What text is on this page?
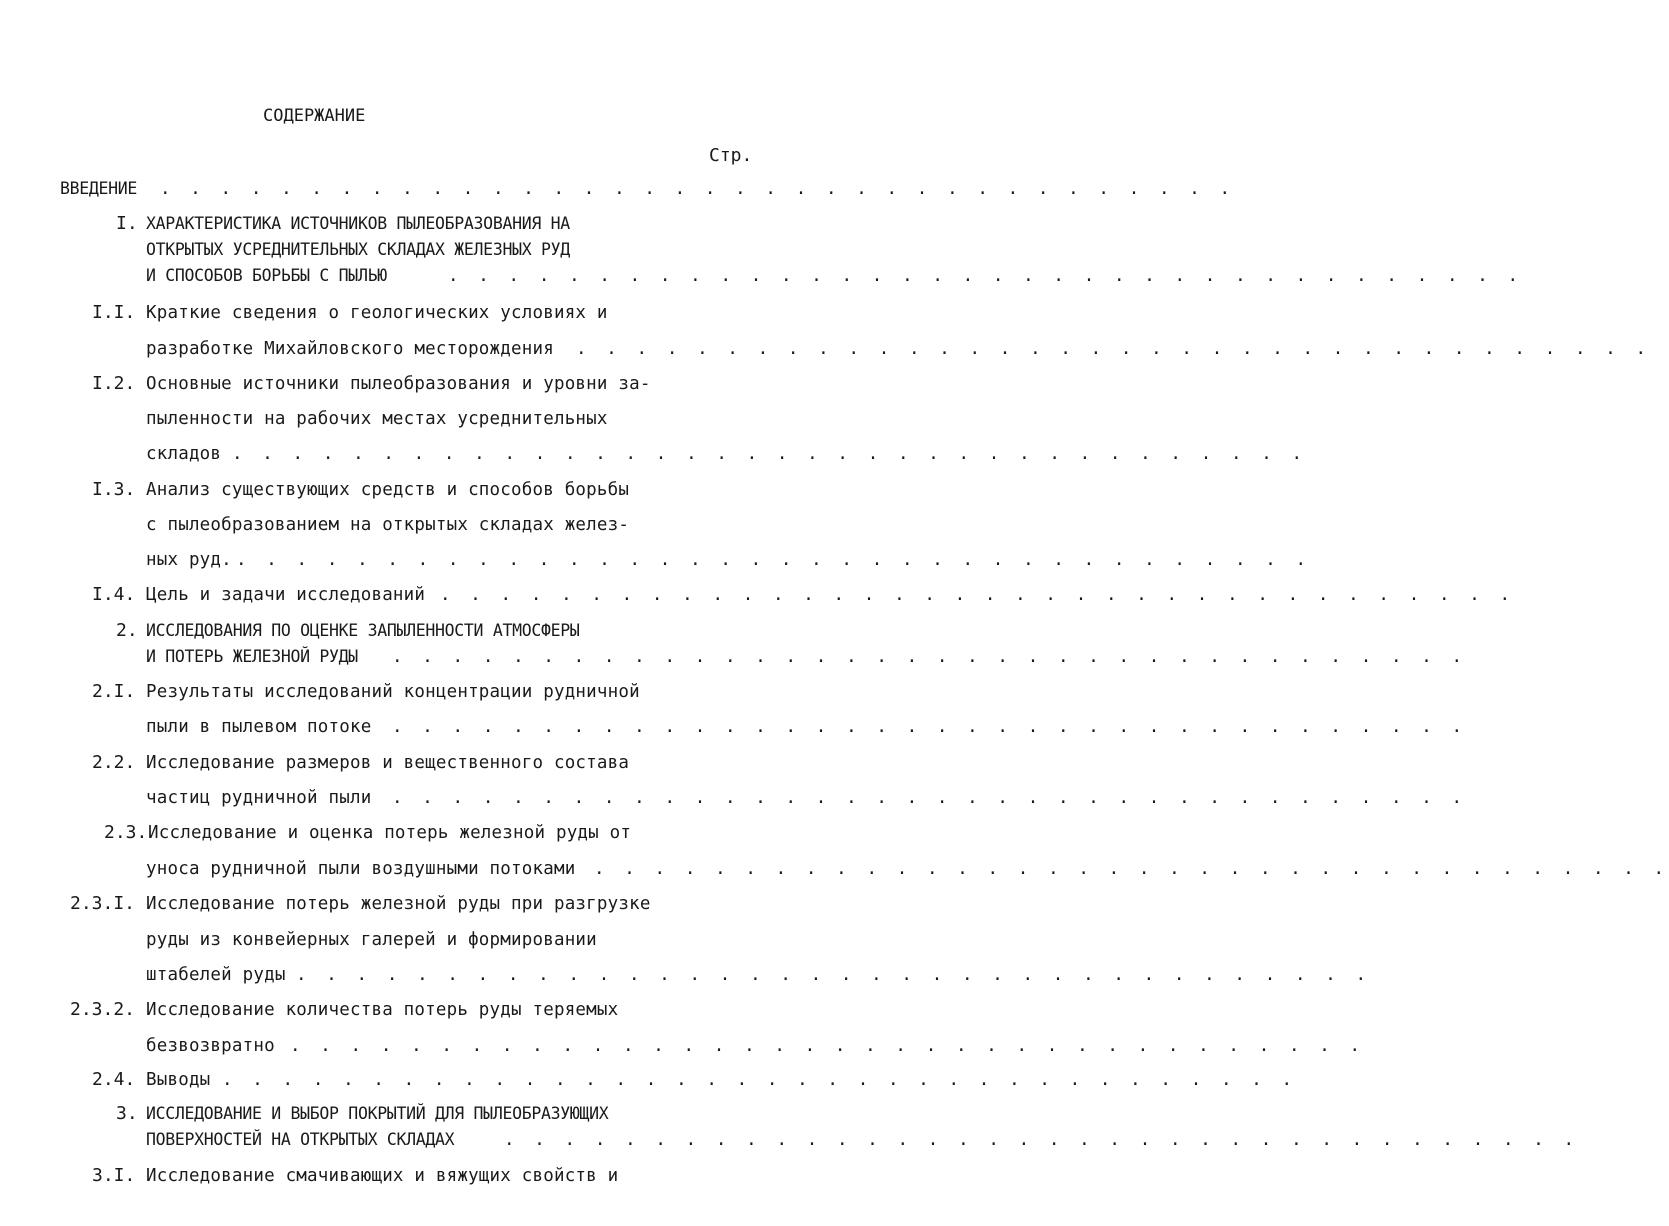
СОДЕРЖАНИЕ
Стр.
ВВЕДЕНИЕ . . . . . . . . . . . . . . . . . . . . . . . . . . . . . . . . . . . .
I. ХАРАКТЕРИСТИКА ИСТОЧНИКОВ ПЫЛЕОБРАЗОВАНИЯ НА
ОТКРЫТЫХ УСРЕДНИТЕЛЬНЫХ СКЛАДАХ ЖЕЛЕЗНЫХ РУД
И СПОСОБОВ БОРЬБЫ С ПЫЛЬЮ	. . . . . . . . . . . . . . . . . . . . . . . . . . . . . . . . . . . .
I.I. Краткие сведения о геологических условиях и
разработке Михайловского месторождения . . . . . . . . . . . . . . . . . . . . . . . . . . . . . . . . . . . .
I.2. Основные источники пылеобразования и уровни за-
пыленности на рабочих местах усреднительных
складов . . . . . . . . . . . . . . . . . . . . . . . . . . . . . . . . . . . .
I.3. Анализ существующих средств и способов борьбы
с пылеобразованием на открытых складах желез-
ных руд. . . . . . . . . . . . . . . . . . . . . . . . . . . . . . . . . . . . .
I.4. Цель и задачи исследований . . . . . . . . . . . . . . . . . . . . . . . . . . . . . . . . . . . .
2. ИССЛЕДОВАНИЯ ПО ОЦЕНКЕ ЗАПЫЛЕННОСТИ АТМОСФЕРЫ
И ПОТЕРЬ ЖЕЛЕЗНОЙ РУДЫ . . . . . . . . . . . . . . . . . . . . . . . . . . . . . . . . . . . .
2.I. Результаты исследований концентрации рудничной
пыли в пылевом потоке . . . . . . . . . . . . . . . . . . . . . . . . . . . . . . . . . . . .
2.2. Исследование размеров и вещественного состава
частиц рудничной пыли . . . . . . . . . . . . . . . . . . . . . . . . . . . . . . . . . . . .
2.3. Исследование и оценка потерь железной руды от
уноса рудничной пыли воздушными потоками . . . . . . . . . . . . . . . . . . . . . . . . . . . . . . . . . . . .
2.3.I. Исследование потерь железной руды при разгрузке
руды из конвейерных галерей и формировании
штабелей руды . . . . . . . . . . . . . . . . . . . . . . . . . . . . . . . . . . . .
2.3.2. Исследование количества потерь руды теряемых
безвозвратно . . . . . . . . . . . . . . . . . . . . . . . . . . . . . . . . . . . .
2.4. Выводы . . . . . . . . . . . . . . . . . . . . . . . . . . . . . . . . . . . .
3. ИССЛЕДОВАНИЕ И ВЫБОР ПОКРЫТИЙ ДЛЯ ПЫЛЕОБРАЗУЮЩИХ
ПОВЕРХНОСТЕЙ НА ОТКРЫТЫХ СКЛАДАХ	. . . . . . . . . . . . . . . . . . . . . . . . . . . . . . . . . . . .
3.I. Исследование смачивающих и вяжущих свойств и
